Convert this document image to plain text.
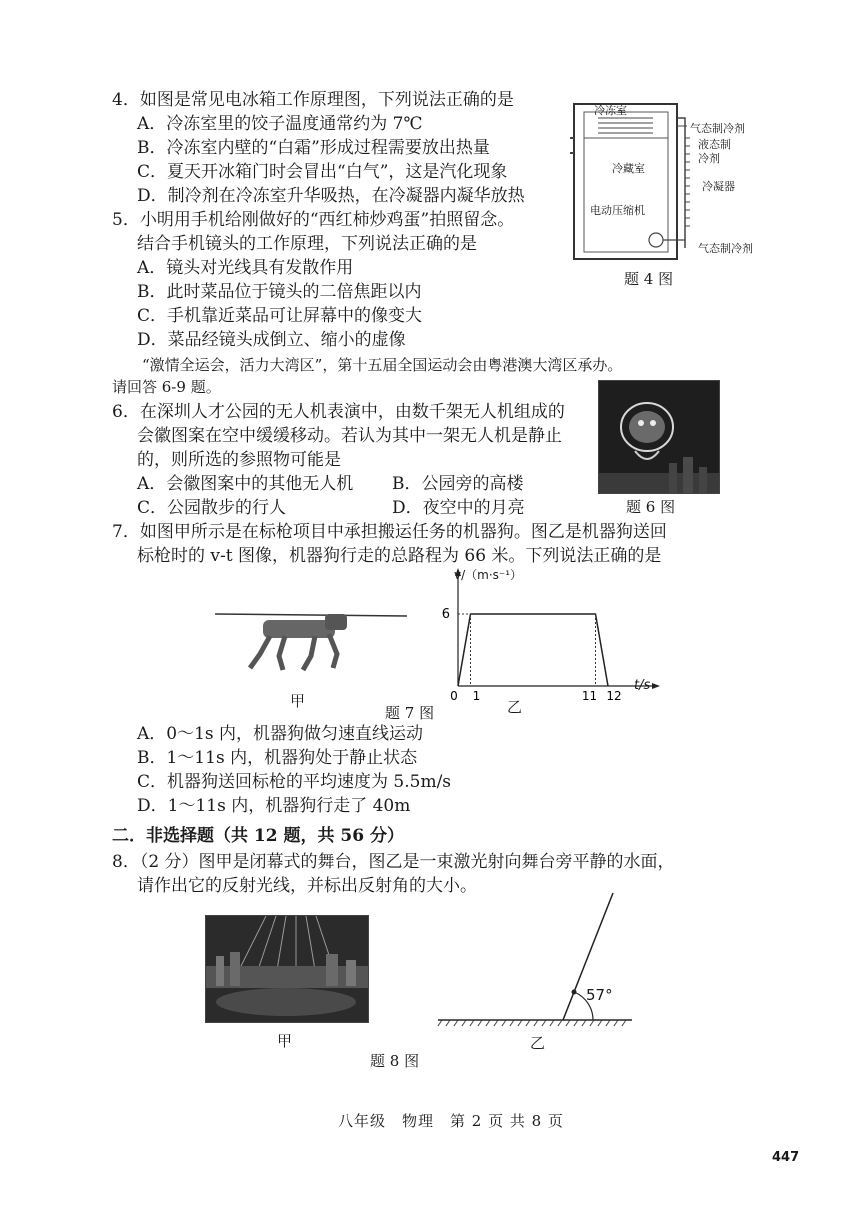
4．如图是常见电冰箱工作原理图，下列说法正确的是
A．冷冻室里的饺子温度通常约为 7℃
B．冷冻室内壁的“白霜”形成过程需要放出热量
C．夏天开冰箱门时会冒出“白气”，这是汽化现象
D．制冷剂在冷冻室升华吸热，在冷凝器内凝华放热
冷冻室
冷藏室
气态制冷剂
液态制冷剂
冷凝器
电动压缩机
气态制冷剂
题 4 图
5．小明用手机给刚做好的“西红柿炒鸡蛋”拍照留念。
结合手机镜头的工作原理，下列说法正确的是
A．镜头对光线具有发散作用
B．此时菜品位于镜头的二倍焦距以内
C．手机靠近菜品可让屏幕中的像变大
D．菜品经镜头成倒立、缩小的虚像
“激情全运会，活力大湾区”，第十五届全国运动会由粤港澳大湾区承办。
请回答 6-9 题。
6．在深圳人才公园的无人机表演中，由数千架无人机组成的
会徽图案在空中缓缓移动。若认为其中一架无人机是静止
的，则所选的参照物可能是
A．会徽图案中的其他无人机 B．公园旁的高楼
C．公园散步的行人	D．夜空中的月亮	题 6 图
7．如图甲所示是在标枪项目中承担搬运任务的机器狗。图乙是机器狗送回
标枪时的 v-t 图像，机器狗行走的总路程为 66 米。下列说法正确的是
甲
题 7 图
0 1	11 12
6
v/（m·s⁻¹）
t/s
乙
A．0～1s 内，机器狗做匀速直线运动
B．1～11s 内，机器狗处于静止状态
C．机器狗送回标枪的平均速度为 5.5m/s
D．1～11s 内，机器狗行走了 40m
二．非选择题（共 12 题，共 56 分）
8．（2 分）图甲是闭幕式的舞台，图乙是一束激光射向舞台旁平静的水面，
请作出它的反射光线，并标出反射角的大小。
甲
题 8 图
57°
乙
八年级　物理　第 2 页 共 8 页
447
